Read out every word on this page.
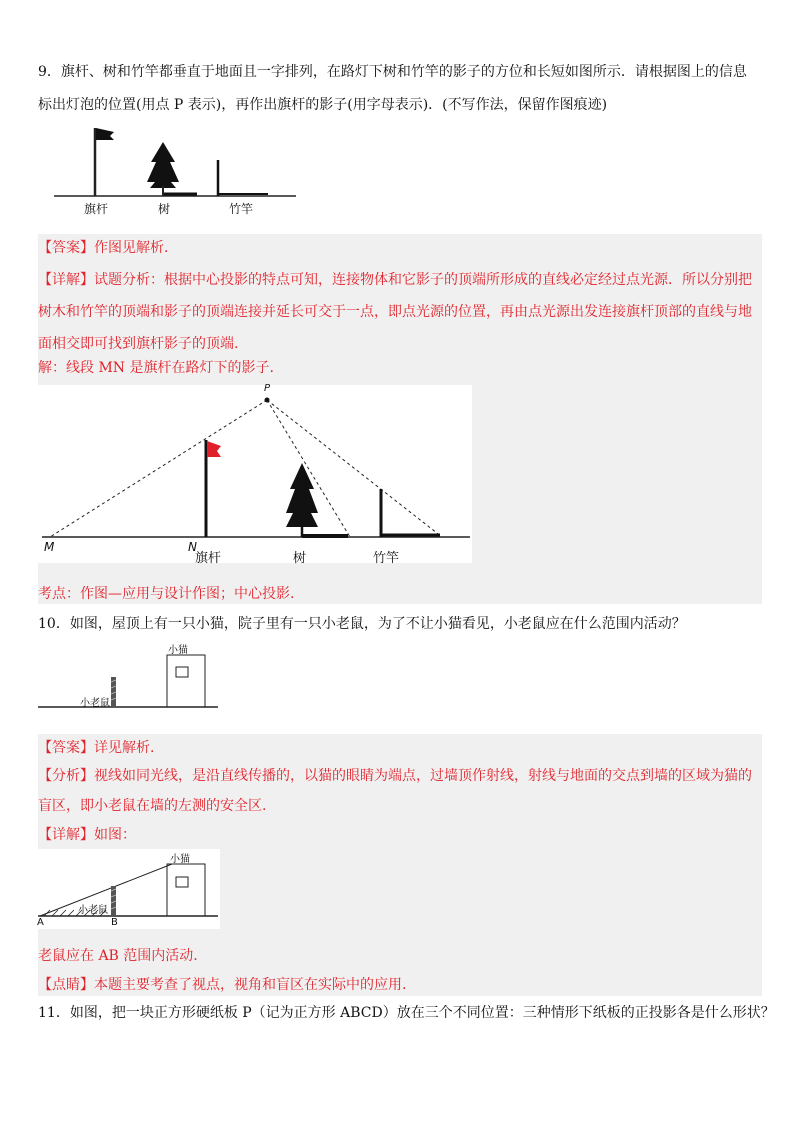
9．旗杆、树和竹竿都垂直于地面且一字排列，在路灯下树和竹竿的影子的方位和长短如图所示．请根据图上的信息
标出灯泡的位置(用点 P 表示)，再作出旗杆的影子(用字母表示)．(不写作法，保留作图痕迹)
旗杆	树	竹竿
【答案】作图见解析.
【详解】试题分析：根据中心投影的特点可知，连接物体和它影子的顶端所形成的直线必定经过点光源．所以分别把
树木和竹竿的顶端和影子的顶端连接并延长可交于一点，即点光源的位置，再由点光源出发连接旗杆顶部的直线与地
面相交即可找到旗杆影子的顶端.
解：线段 MN 是旗杆在路灯下的影子.
P
M	N
旗杆	树	竹竿
考点：作图—应用与设计作图；中心投影.
10．如图，屋顶上有一只小猫，院子里有一只小老鼠，为了不让小猫看见，小老鼠应在什么范围内活动？
小猫
小老鼠
【答案】详见解析.
【分析】视线如同光线，是沿直线传播的，以猫的眼睛为端点，过墙顶作射线，射线与地面的交点到墙的区域为猫的
盲区，即小老鼠在墙的左测的安全区.
【详解】如图：
小猫
小老鼠
A	B
老鼠应在 AB 范围内活动.
【点睛】本题主要考查了视点，视角和盲区在实际中的应用.
11．如图，把一块正方形硬纸板 P（记为正方形 ABCD）放在三个不同位置：三种情形下纸板的正投影各是什么形状？
